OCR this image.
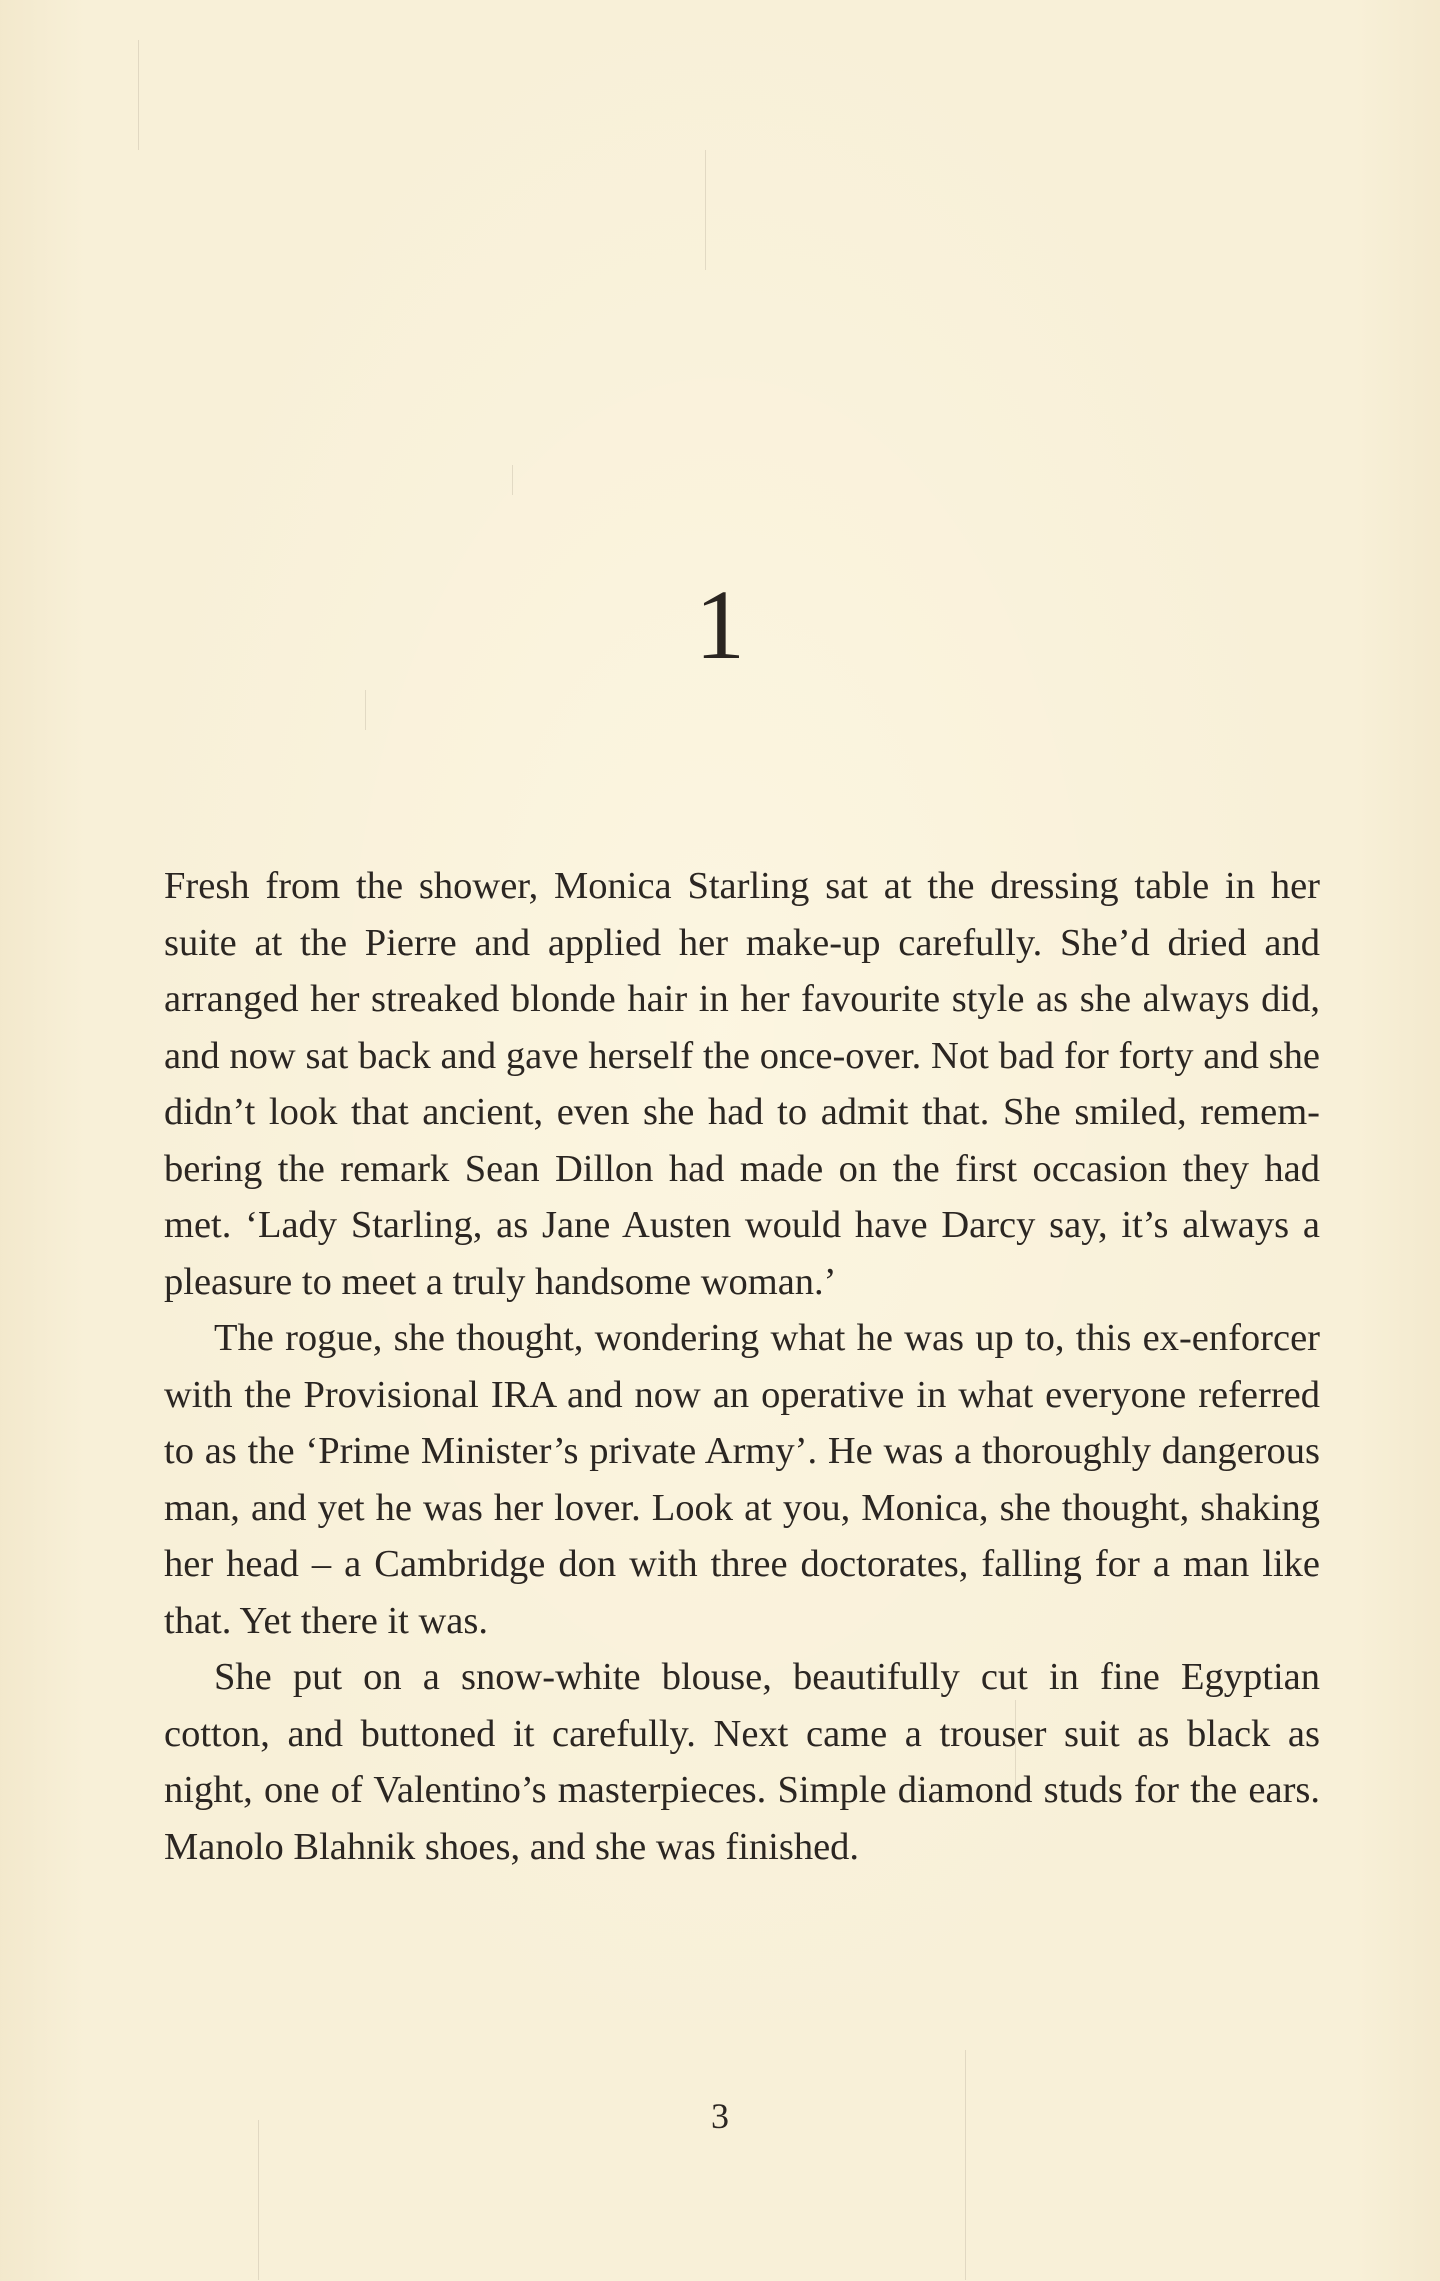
1

Fresh from the shower, Monica Starling sat at the dressing table in her suite at the Pierre and applied her make-up carefully. She’d dried and arranged her streaked blonde hair in her favourite style as she always did, and now sat back and gave herself the once-over. Not bad for forty and she didn’t look that ancient, even she had to admit that. She smiled, remembering the remark Sean Dillon had made on the first occasion they had met. ‘Lady Starling, as Jane Austen would have Darcy say, it’s always a pleasure to meet a truly handsome woman.’

The rogue, she thought, wondering what he was up to, this ex-enforcer with the Provisional IRA and now an operative in what everyone referred to as the ‘Prime Minister’s private Army’. He was a thoroughly dangerous man, and yet he was her lover. Look at you, Monica, she thought, shaking her head – a Cambridge don with three doctorates, falling for a man like that. Yet there it was.

She put on a snow-white blouse, beautifully cut in fine Egyptian cotton, and buttoned it carefully. Next came a trouser suit as black as night, one of Valentino’s masterpieces. Simple diamond studs for the ears. Manolo Blahnik shoes, and she was finished.

3
